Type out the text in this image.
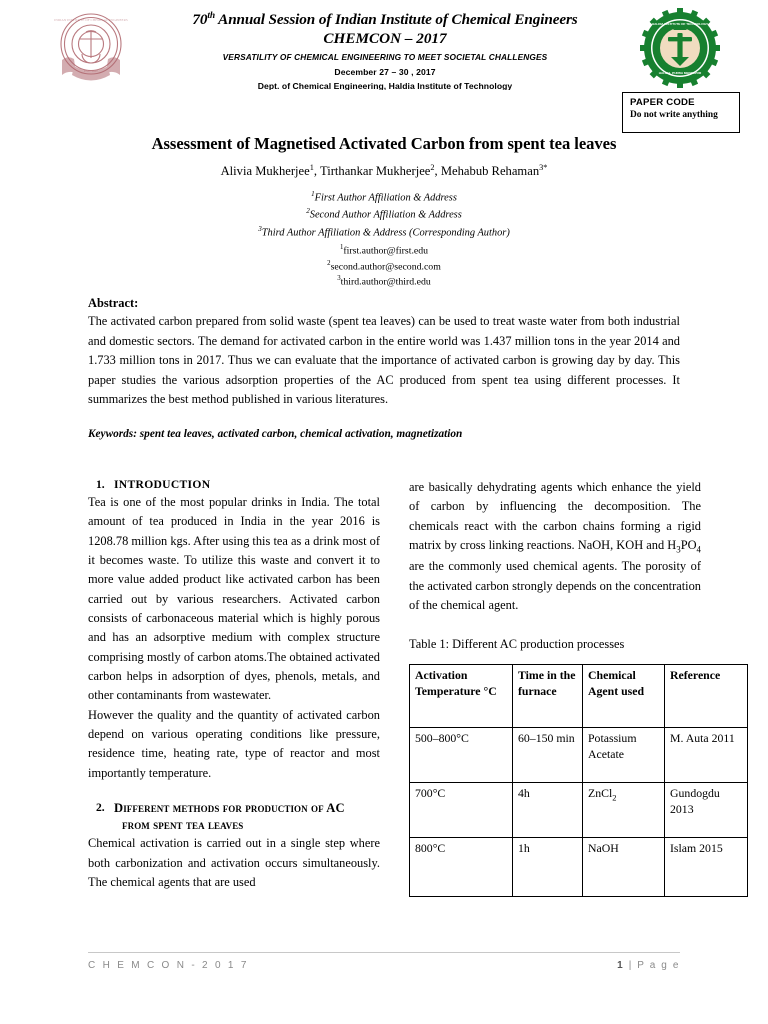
INDIAN INSTITUTE OF CHEMICAL ENGINEERS
EST. 1947
70th Annual Session of Indian Institute of Chemical Engineers
CHEMCON – 2017
VERSATILITY OF CHEMICAL ENGINEERING TO MEET SOCIETAL CHALLENGES
December 27 – 30 , 2017
Dept. of Chemical Engineering, Haldia Institute of Technology
HALDIA INSTITUTE OF TECHNOLOGY
HALDIA, PURBA MEDINIPUR
PAPER CODE
Do not write anything
Assessment of Magnetised Activated Carbon from spent tea leaves
Alivia Mukherjee$^1$, Tirthankar Mukherjee$^2$, Mehabub Rehaman$^{3*}$
$^1$First Author Affiliation & Address
$^2$Second Author Affiliation & Address
$^3$Third Author Affiliation & Address (Corresponding Author)
$^1$first.author@first.edu
$^2$second.author@second.com
$^3$third.author@third.edu
Abstract:
The activated carbon prepared from solid waste (spent tea leaves) can be used to treat waste water from both industrial and domestic sectors. The demand for activated carbon in the entire world was 1.437 million tons in the year 2014 and 1.733 million tons in 2017. Thus we can evaluate that the importance of activated carbon is growing day by day. This paper studies the various adsorption properties of the AC produced from spent tea using different processes. It summarizes the best method published in various literatures.
Keywords: spent tea leaves, activated carbon, chemical activation, magnetization
1. INTRODUCTION
Tea is one of the most popular drinks in India. The total amount of tea produced in India in the year 2016 is 1208.78 million kgs. After using this tea as a drink most of it becomes waste. To utilize this waste and convert it to more value added product like activated carbon has been carried out by various researchers. Activated carbon consists of carbonaceous material which is highly porous and has an adsorptive medium with complex structure comprising mostly of carbon atoms.The obtained activated carbon helps in adsorption of dyes, phenols, metals, and other contaminants from wastewater.
However the quality and the quantity of activated carbon depend on various operating conditions like pressure, residence time, heating rate, type of reactor and most importantly temperature.
2. Different methods for production of AC
from spent tea leaves
Chemical activation is carried out in a single step where both carbonization and activation occurs simultaneously. The chemical agents that are used
are basically dehydrating agents which enhance the yield of carbon by influencing the decomposition. The chemicals react with the carbon chains forming a rigid matrix by cross linking reactions. NaOH, KOH and $H_3PO_4$ are the commonly used chemical agents. The porosity of the activated carbon strongly depends on the concentration of the chemical agent.
Table 1: Different AC production processes
Activation Temperature °C	Time in the furnace	Chemical Agent used	Reference
500–800°C	60–150 min	Potassium Acetate	M. Auta 2011
700°C	4h	ZnCl$_2$	Gundogdu 2013
800°C	1h	NaOH	Islam 2015
C H E M C O N - 2 0 1 7	1 | P a g e
